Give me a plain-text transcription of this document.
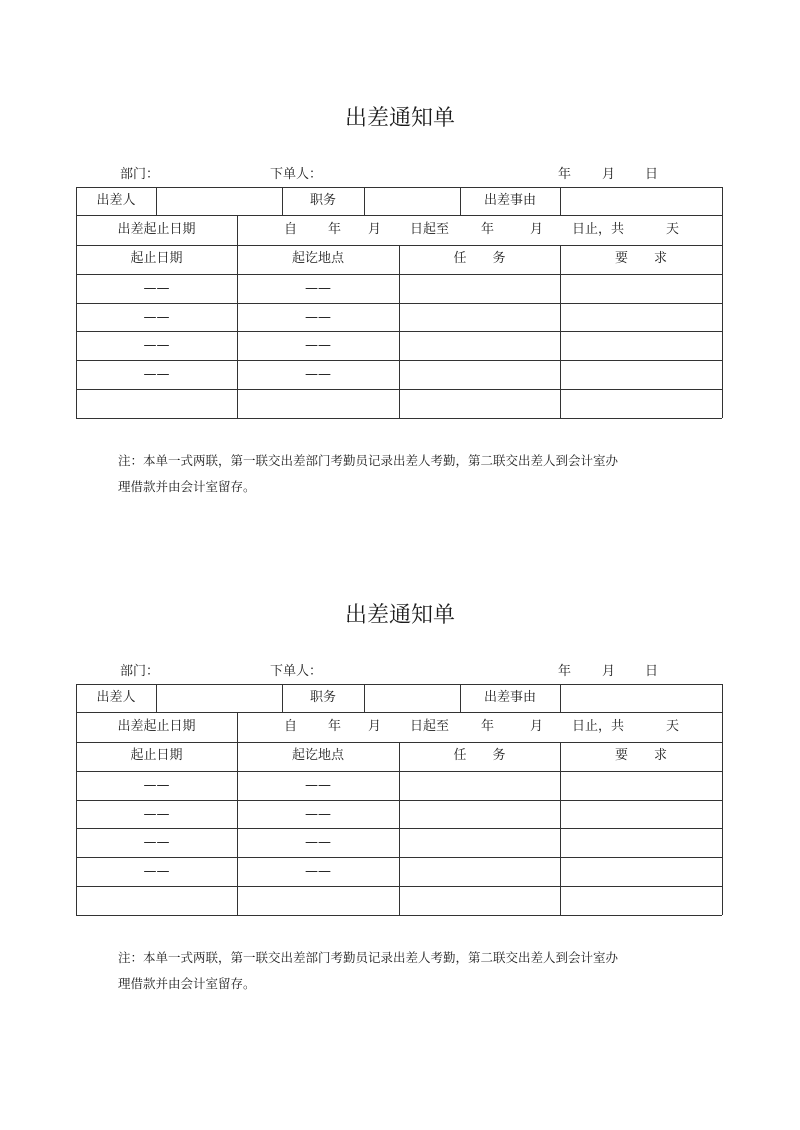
出差通知单
部门：	下单人：	年 月 日
出差人	职务	出差事由
出差起止日期	自 年 月 日起至 年	月 日止，共	天
起止日期	起讫地点	任　　务	要　　求
——	——
——	——
——	——
——	——
注：本单一式两联，第一联交出差部门考勤员记录出差人考勤，第二联交出差人到会计室办
理借款并由会计室留存。
出差通知单
部门：	下单人：	年 月 日
出差人	职务	出差事由
出差起止日期	自 年 月 日起至 年	月 日止，共	天
起止日期	起讫地点	任　　务	要　　求
——	——
——	——
——	——
——	——
注：本单一式两联，第一联交出差部门考勤员记录出差人考勤，第二联交出差人到会计室办
理借款并由会计室留存。
